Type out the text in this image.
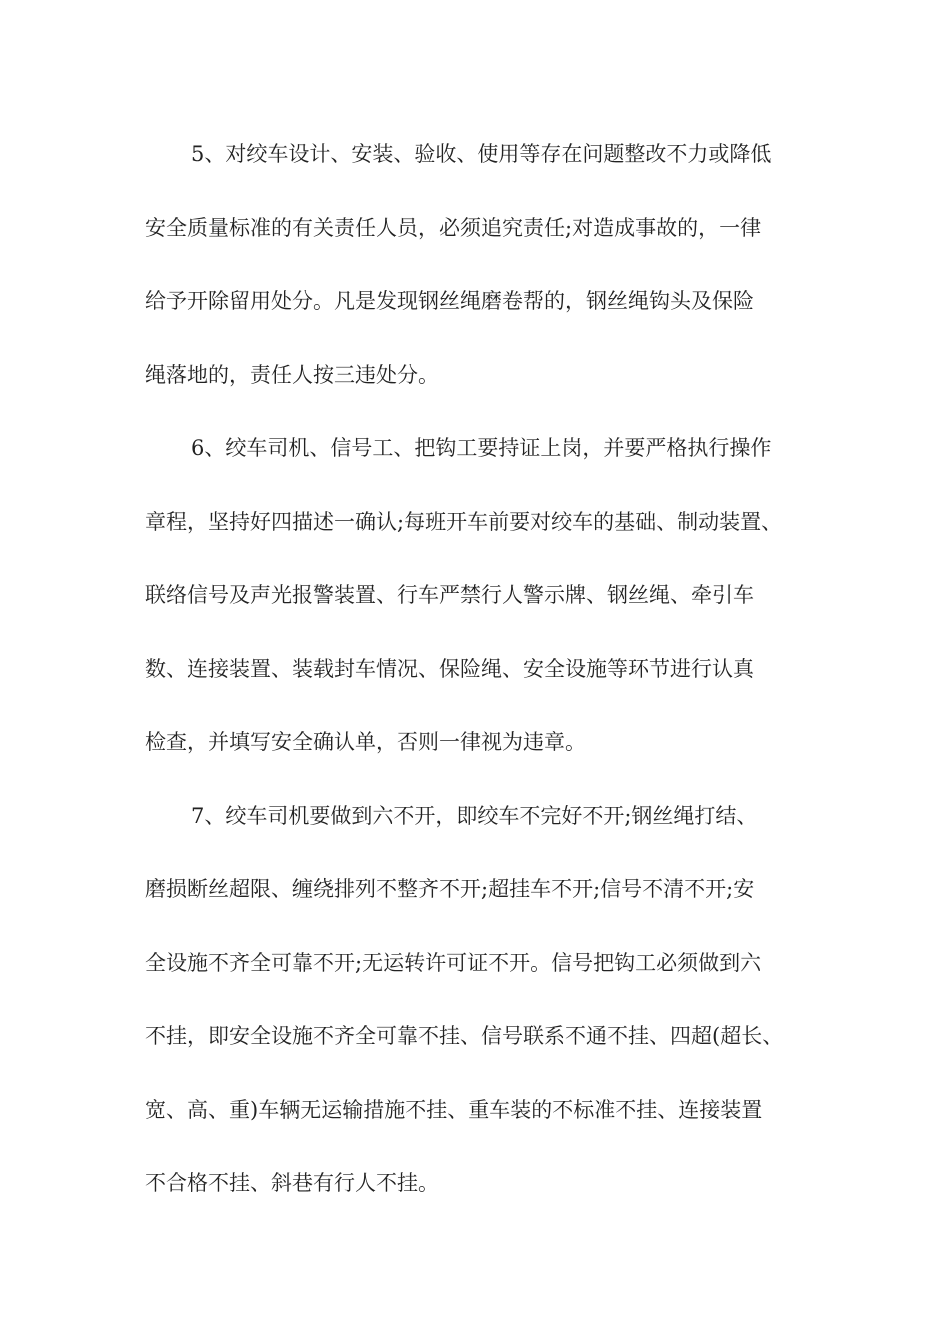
5、对绞车设计、安装、验收、使用等存在问题整改不力或降低
安全质量标准的有关责任人员，必须追究责任;对造成事故的，一律
给予开除留用处分。凡是发现钢丝绳磨卷帮的，钢丝绳钩头及保险
绳落地的，责任人按三违处分。
6、绞车司机、信号工、把钩工要持证上岗，并要严格执行操作
章程，坚持好四描述一确认;每班开车前要对绞车的基础、制动装置、
联络信号及声光报警装置、行车严禁行人警示牌、钢丝绳、牵引车
数、连接装置、装载封车情况、保险绳、安全设施等环节进行认真
检查，并填写安全确认单，否则一律视为违章。
7、绞车司机要做到六不开，即绞车不完好不开;钢丝绳打结、
磨损断丝超限、缠绕排列不整齐不开;超挂车不开;信号不清不开;安
全设施不齐全可靠不开;无运转许可证不开。信号把钩工必须做到六
不挂，即安全设施不齐全可靠不挂、信号联系不通不挂、四超(超长、
宽、高、重)车辆无运输措施不挂、重车装的不标准不挂、连接装置
不合格不挂、斜巷有行人不挂。
